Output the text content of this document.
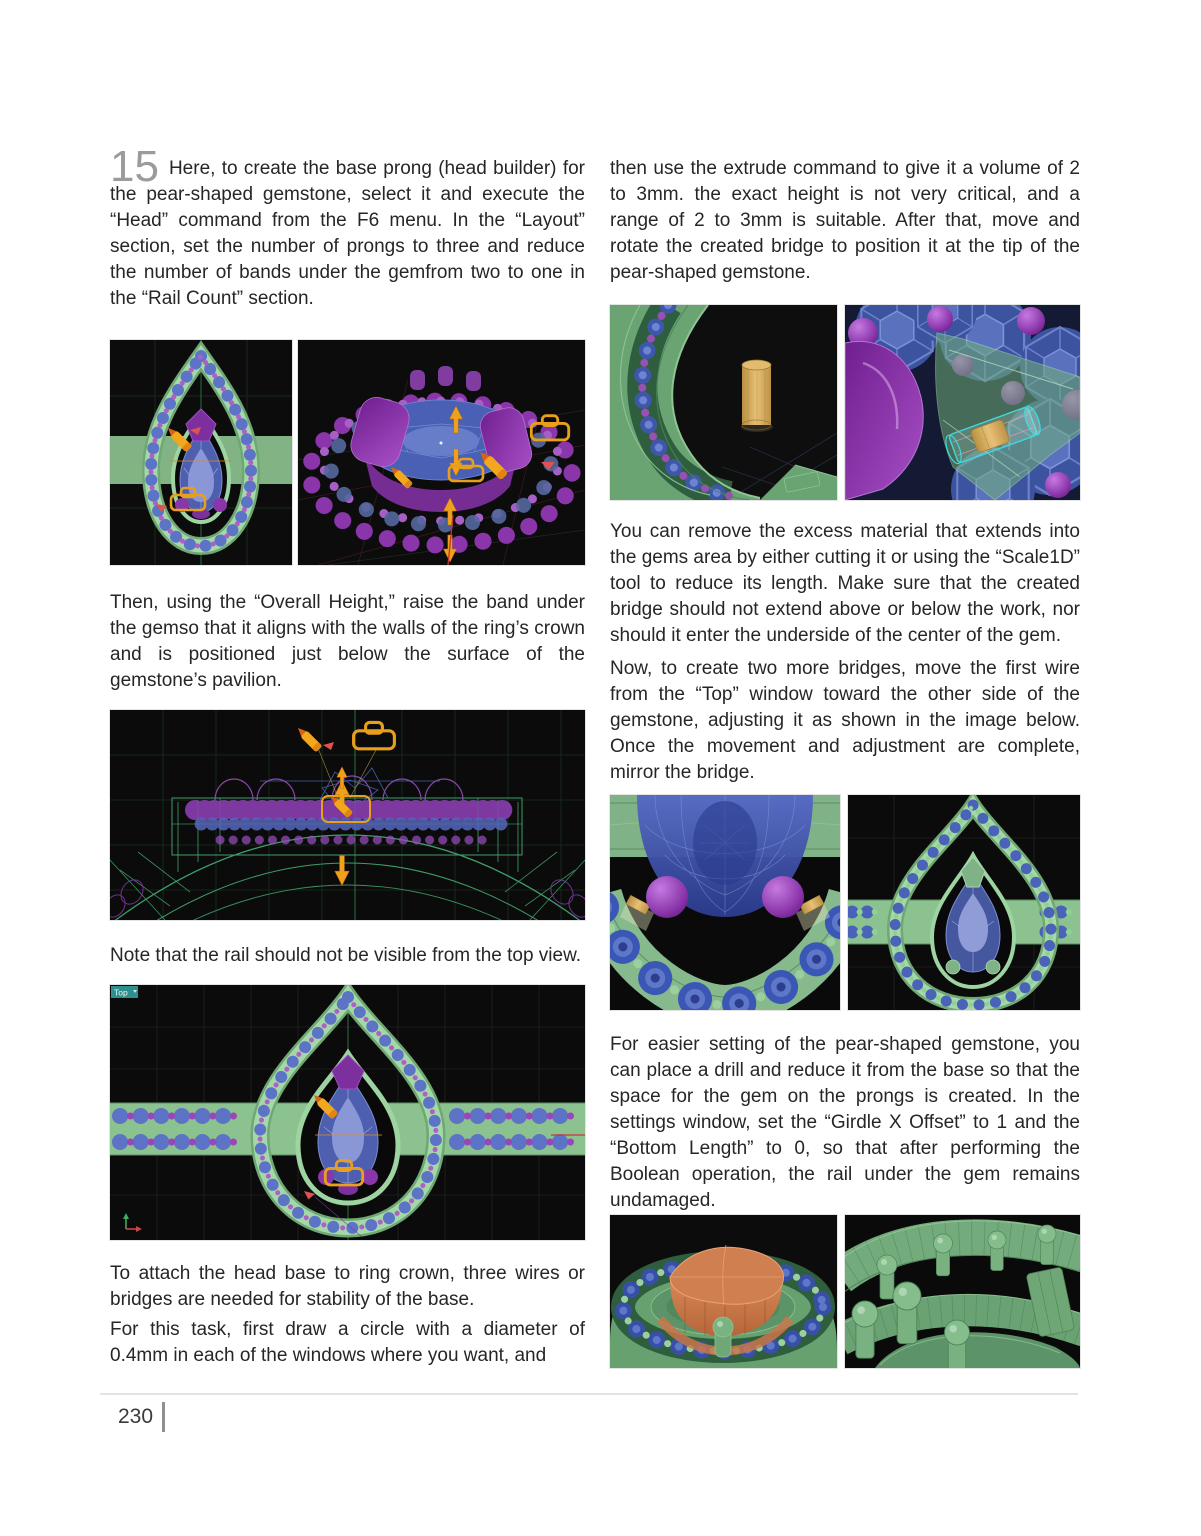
15 Here, to create the base prong (head builder) for the pear-shaped gemstone, select it and execute the “Head” command from the F6 menu. In the “Layout” section, set the number of prongs to three and reduce the number of bands under the gemfrom two to one in the “Rail Count” section.

Then, using the “Overall Height,” raise the band under the gemso that it aligns with the walls of the ring’s crown and is positioned just below the surface of the gemstone’s pavilion.

Note that the rail should not be visible from the top view.

Top

To attach the head base to ring crown, three wires or bridges are needed for stability of the base.

For this task, first draw a circle with a diameter of 0.4mm in each of the windows where you want, and

then use the extrude command to give it a volume of 2 to 3mm. the exact height is not very critical, and a range of 2 to 3mm is suitable. After that, move and rotate the created bridge to position it at the tip of the pear-shaped gemstone.

You can remove the excess material that extends into the gems area by either cutting it or using the “Scale1D” tool to reduce its length. Make sure that the created bridge should not extend above or below the work, nor should it enter the underside of the center of the gem.

Now, to create two more bridges, move the first wire from the “Top” window toward the other side of the gemstone, adjusting it as shown in the image below. Once the movement and adjustment are complete, mirror the bridge.

For easier setting of the pear-shaped gemstone, you can place a drill and reduce it from the base so that the space for the gem on the prongs is created. In the settings window, set the “Girdle X Offset” to 1 and the “Bottom Length” to 0, so that after performing the Boolean operation, the rail under the gem remains undamaged.

230
